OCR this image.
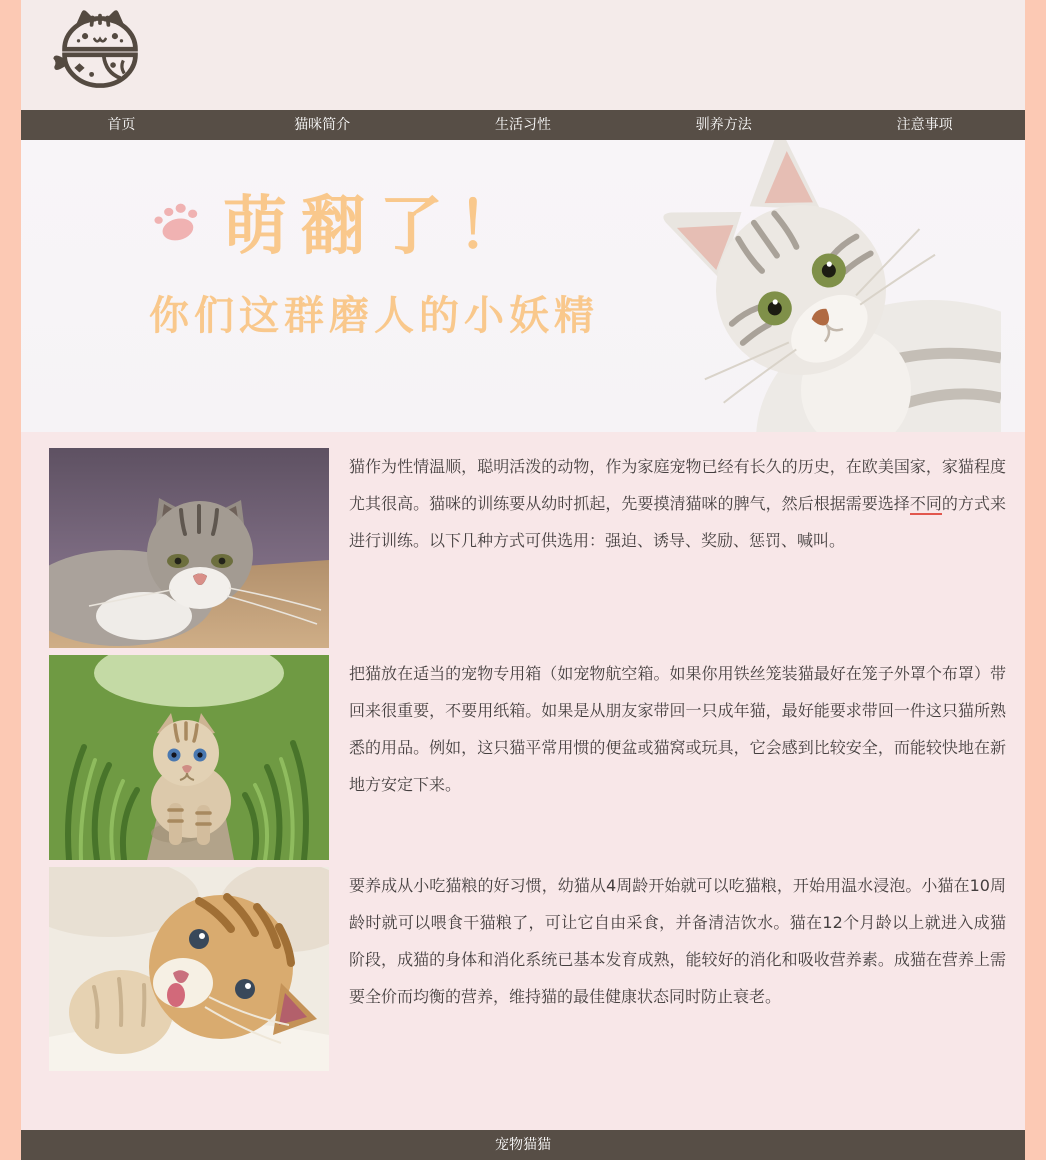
首页	猫咪简介	生活习性	驯养方法	注意事项
萌翻了！
你们这群磨人的小妖精

猫作为性情温顺，聪明活泼的动物，作为家庭宠物已经有长久的历史，在欧美国家，家猫程度尤其很高。猫咪的训练要从幼时抓起，先要摸清猫咪的脾气，然后根据需要选择不同的方式来进行训练。以下几种方式可供选用：强迫、诱导、奖励、惩罚、喊叫。

把猫放在适当的宠物专用箱（如宠物航空箱。如果你用铁丝笼装猫最好在笼子外罩个布罩）带回来很重要，不要用纸箱。如果是从朋友家带回一只成年猫，最好能要求带回一件这只猫所熟悉的用品。例如，这只猫平常用惯的便盆或猫窝或玩具，它会感到比较安全，而能较快地在新地方安定下来。

要养成从小吃猫粮的好习惯，幼猫从4周龄开始就可以吃猫粮，开始用温水浸泡。小猫在10周龄时就可以喂食干猫粮了，可让它自由采食，并备清洁饮水。猫在12个月龄以上就进入成猫阶段，成猫的身体和消化系统已基本发育成熟，能较好的消化和吸收营养素。成猫在营养上需要全价而均衡的营养，维持猫的最佳健康状态同时防止衰老。

宠物猫猫
